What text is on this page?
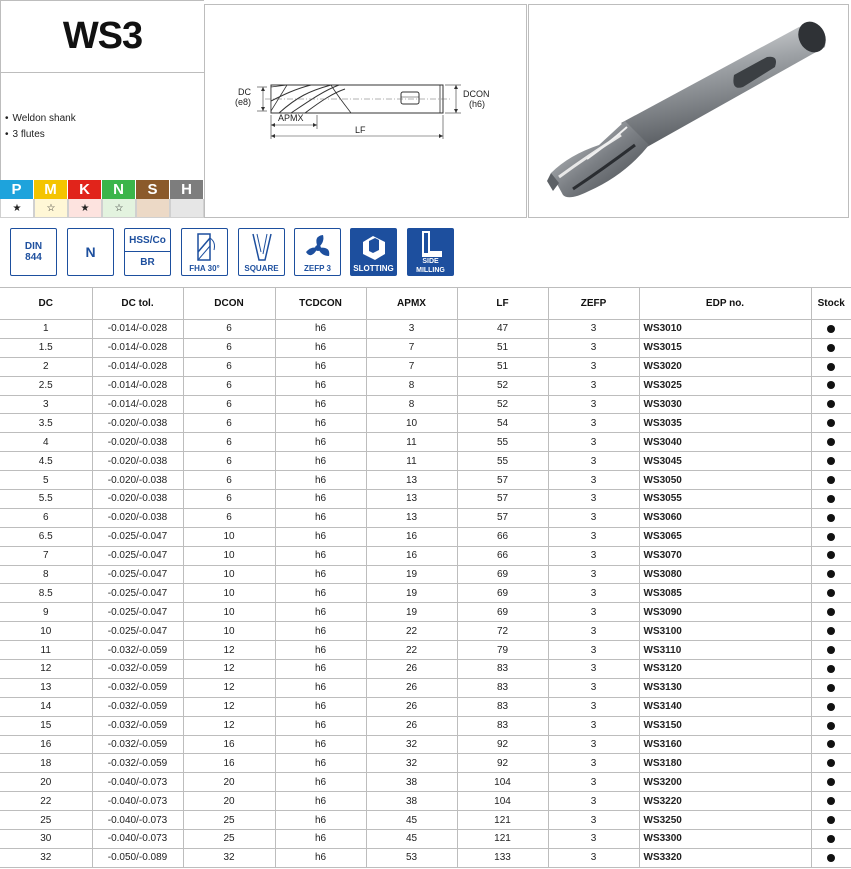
WS3
• Weldon shank
• 3 flutes
P	M	K	N	S	H
★	☆	★	☆
DC
(e8)
DCON
(h6)
APMX
LF
DIN
844	N
HSS/Co
BR
FHA 30°	SQUARE	ZEFP 3	SLOTTING
SIDE MILLING
DC	DC tol.	DCON	TCDCON	APMX	LF	ZEFP	EDP no.	Stock
1	-0.014/-0.028	6	h6	3	47	3	WS3010	
1.5	-0.014/-0.028	6	h6	7	51	3	WS3015	
2	-0.014/-0.028	6	h6	7	51	3	WS3020	
2.5	-0.014/-0.028	6	h6	8	52	3	WS3025	
3	-0.014/-0.028	6	h6	8	52	3	WS3030	
3.5	-0.020/-0.038	6	h6	10	54	3	WS3035	
4	-0.020/-0.038	6	h6	11	55	3	WS3040	
4.5	-0.020/-0.038	6	h6	11	55	3	WS3045	
5	-0.020/-0.038	6	h6	13	57	3	WS3050	
5.5	-0.020/-0.038	6	h6	13	57	3	WS3055	
6	-0.020/-0.038	6	h6	13	57	3	WS3060	
6.5	-0.025/-0.047	10	h6	16	66	3	WS3065	
7	-0.025/-0.047	10	h6	16	66	3	WS3070	
8	-0.025/-0.047	10	h6	19	69	3	WS3080	
8.5	-0.025/-0.047	10	h6	19	69	3	WS3085	
9	-0.025/-0.047	10	h6	19	69	3	WS3090	
10	-0.025/-0.047	10	h6	22	72	3	WS3100	
11	-0.032/-0.059	12	h6	22	79	3	WS3110	
12	-0.032/-0.059	12	h6	26	83	3	WS3120	
13	-0.032/-0.059	12	h6	26	83	3	WS3130	
14	-0.032/-0.059	12	h6	26	83	3	WS3140	
15	-0.032/-0.059	12	h6	26	83	3	WS3150	
16	-0.032/-0.059	16	h6	32	92	3	WS3160	
18	-0.032/-0.059	16	h6	32	92	3	WS3180	
20	-0.040/-0.073	20	h6	38	104	3	WS3200	
22	-0.040/-0.073	20	h6	38	104	3	WS3220	
25	-0.040/-0.073	25	h6	45	121	3	WS3250	
30	-0.040/-0.073	25	h6	45	121	3	WS3300	
32	-0.050/-0.089	32	h6	53	133	3	WS3320	
